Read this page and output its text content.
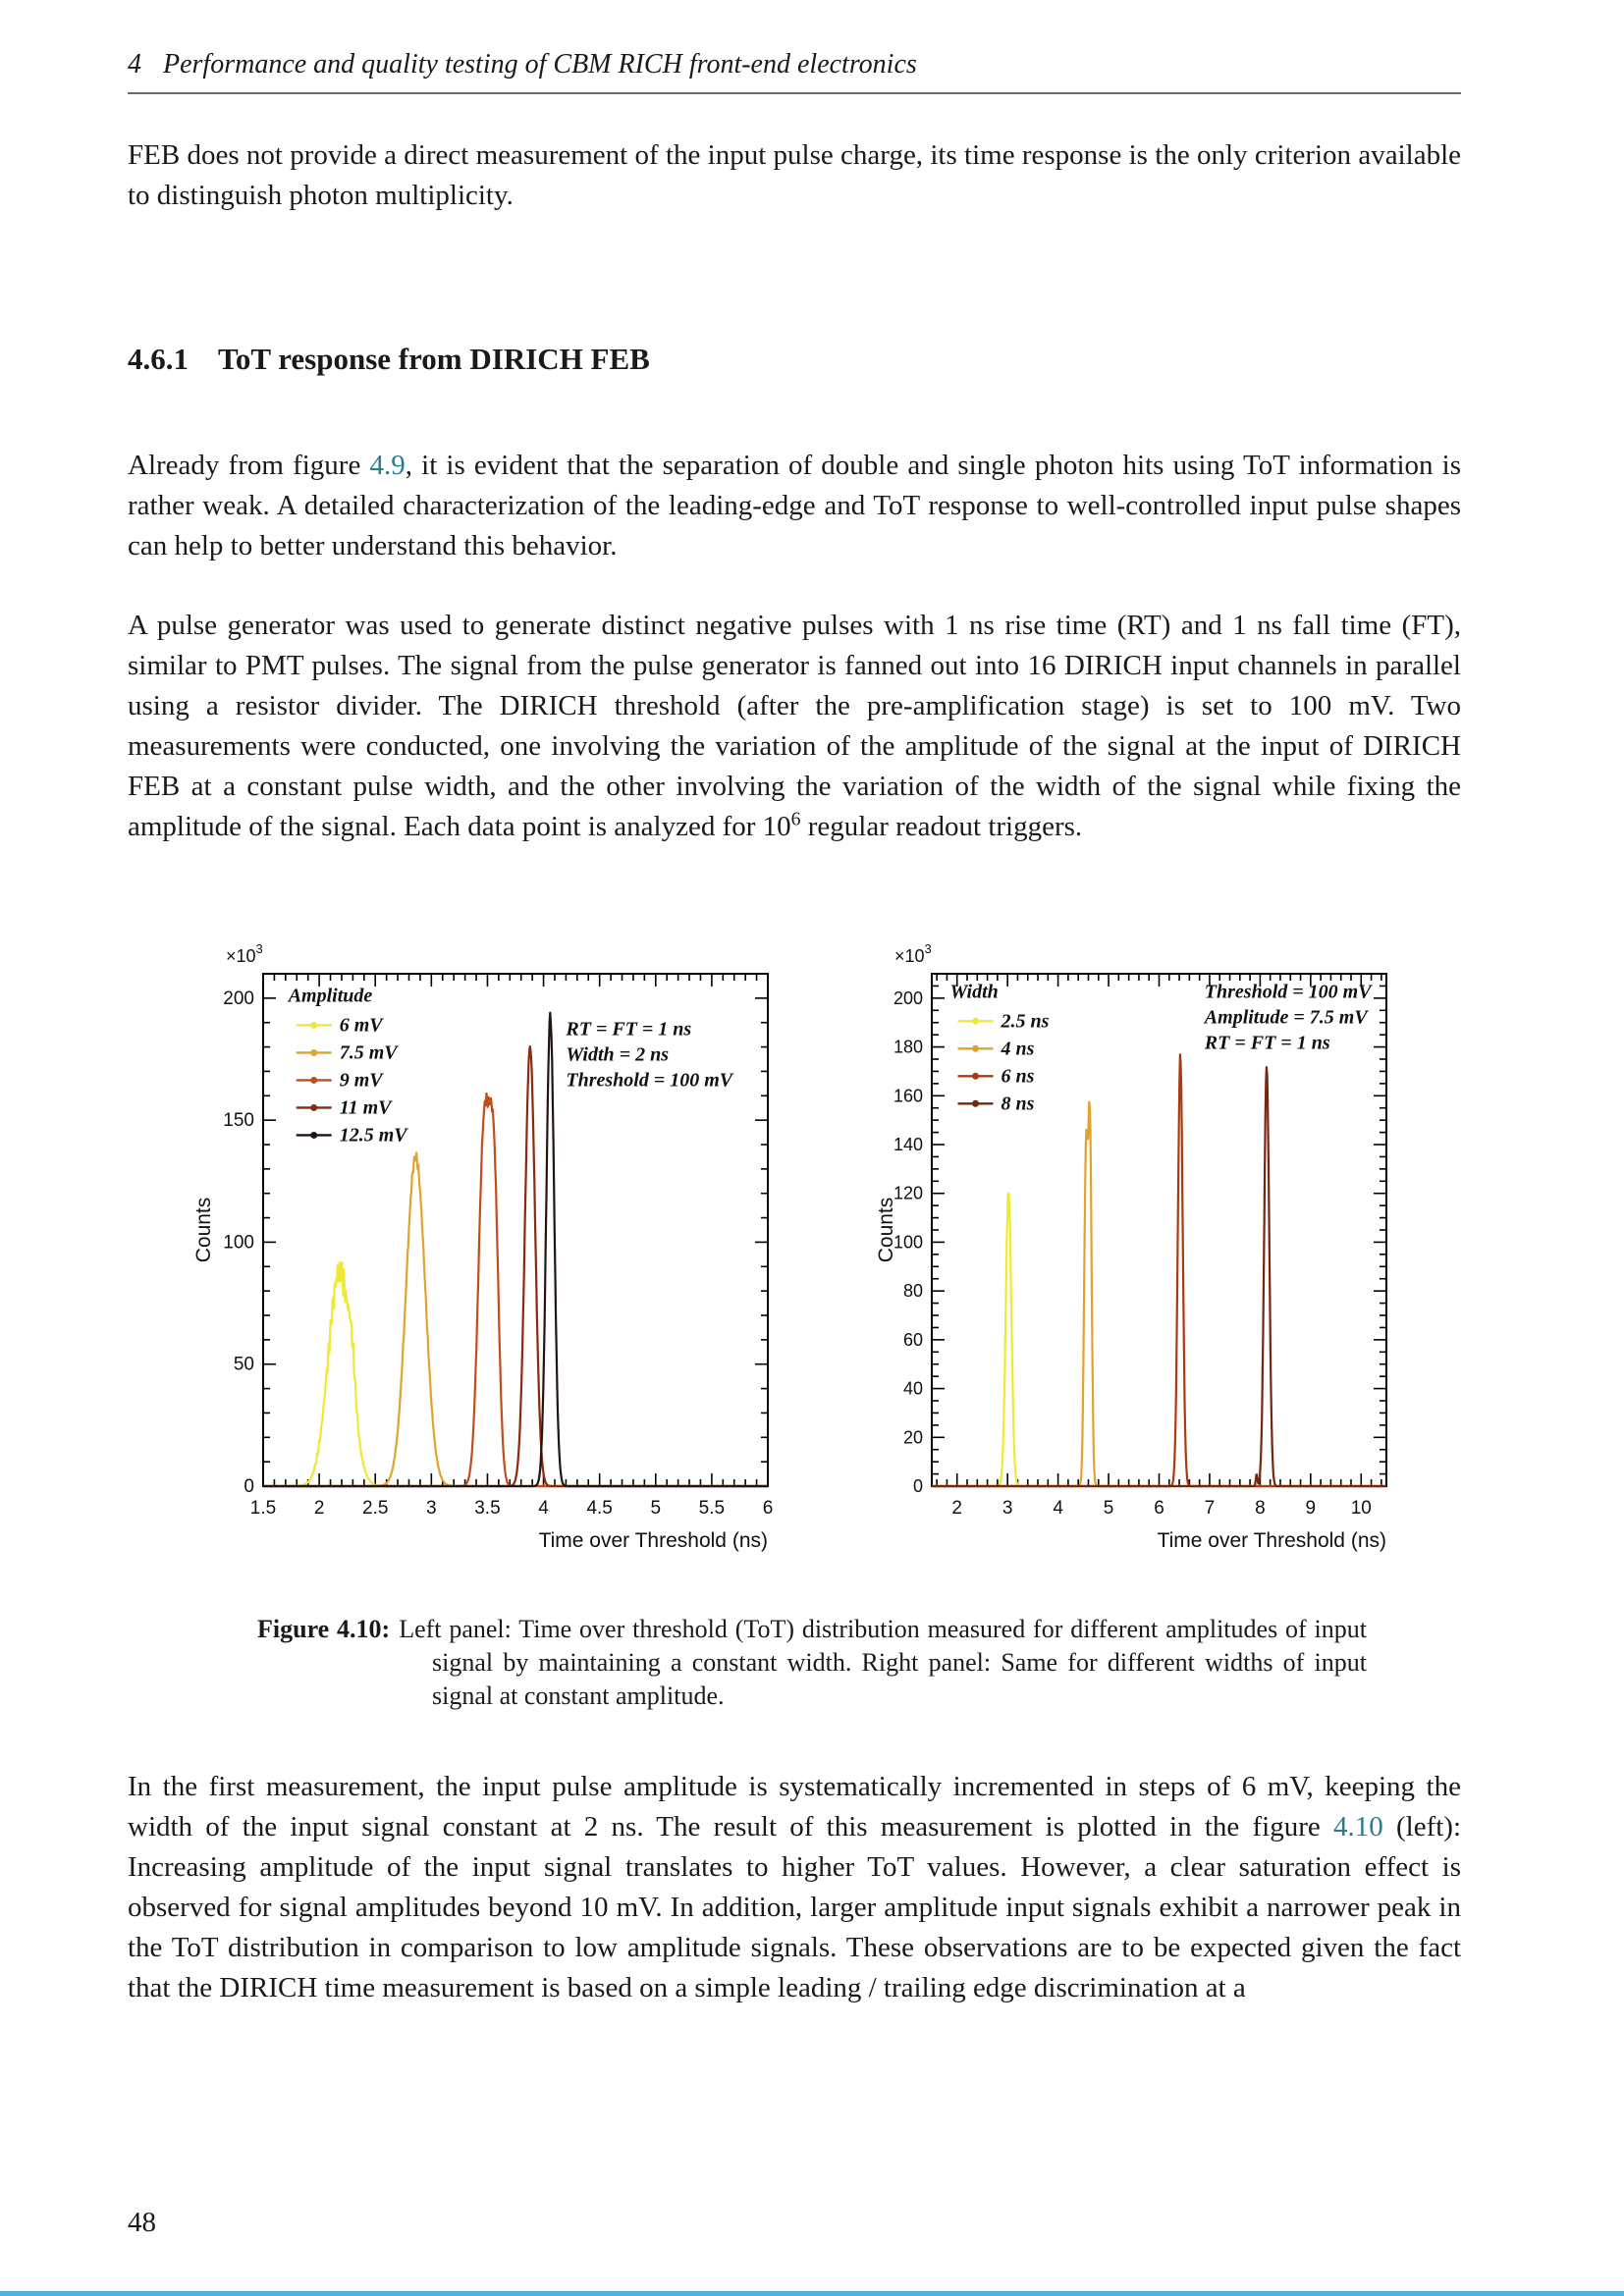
4 Performance and quality testing of CBM RICH front-end electronics

FEB does not provide a direct measurement of the input pulse charge, its time response is the only criterion available to distinguish photon multiplicity.

4.6.1 ToT response from DIRICH FEB

Already from figure 4.9, it is evident that the separation of double and single photon hits using ToT information is rather weak. A detailed characterization of the leading-edge and ToT response to well-controlled input pulse shapes can help to better understand this behavior.

A pulse generator was used to generate distinct negative pulses with 1 ns rise time (RT) and 1 ns fall time (FT), similar to PMT pulses. The signal from the pulse generator is fanned out into 16 DIRICH input channels in parallel using a resistor divider. The DIRICH threshold (after the pre-amplification stage) is set to 100 mV. Two measurements were conducted, one involving the variation of the amplitude of the signal at the input of DIRICH FEB at a constant pulse width, and the other involving the variation of the width of the signal while fixing the amplitude of the signal. Each data point is analyzed for $10^6$ regular readout triggers.

1.5 2 2.5 3 3.5 4 4.5 5 5.5 6
0
50
100
150
200
$\times 10^3$
Time over Threshold (ns)
Counts
Amplitude
6 mV
7.5 mV
9 mV
11 mV
12.5 mV
RT = FT = 1 ns
Width = 2 ns
Threshold = 100 mV
2 3 4 5 6 7 8 9 10
0
20
40
60
80
100
120
140
160
180
200
$\times 10^3$
Time over Threshold (ns)
Counts
Width
2.5 ns
4 ns
6 ns
8 ns
Threshold = 100 mV
Amplitude = 7.5 mV
RT = FT = 1 ns
Figure 4.10: Left panel: Time over threshold (ToT) distribution measured for different amplitudes of input signal by maintaining a constant width. Right panel: Same for different widths of input signal at constant amplitude.

In the first measurement, the input pulse amplitude is systematically incremented in steps of 6 mV, keeping the width of the input signal constant at 2 ns. The result of this measurement is plotted in the figure 4.10 (left): Increasing amplitude of the input signal translates to higher ToT values. However, a clear saturation effect is observed for signal amplitudes beyond 10 mV. In addition, larger amplitude input signals exhibit a narrower peak in the ToT distribution in comparison to low amplitude signals. These observations are to be expected given the fact that the DIRICH time measurement is based on a simple leading / trailing edge discrimination at a

48
